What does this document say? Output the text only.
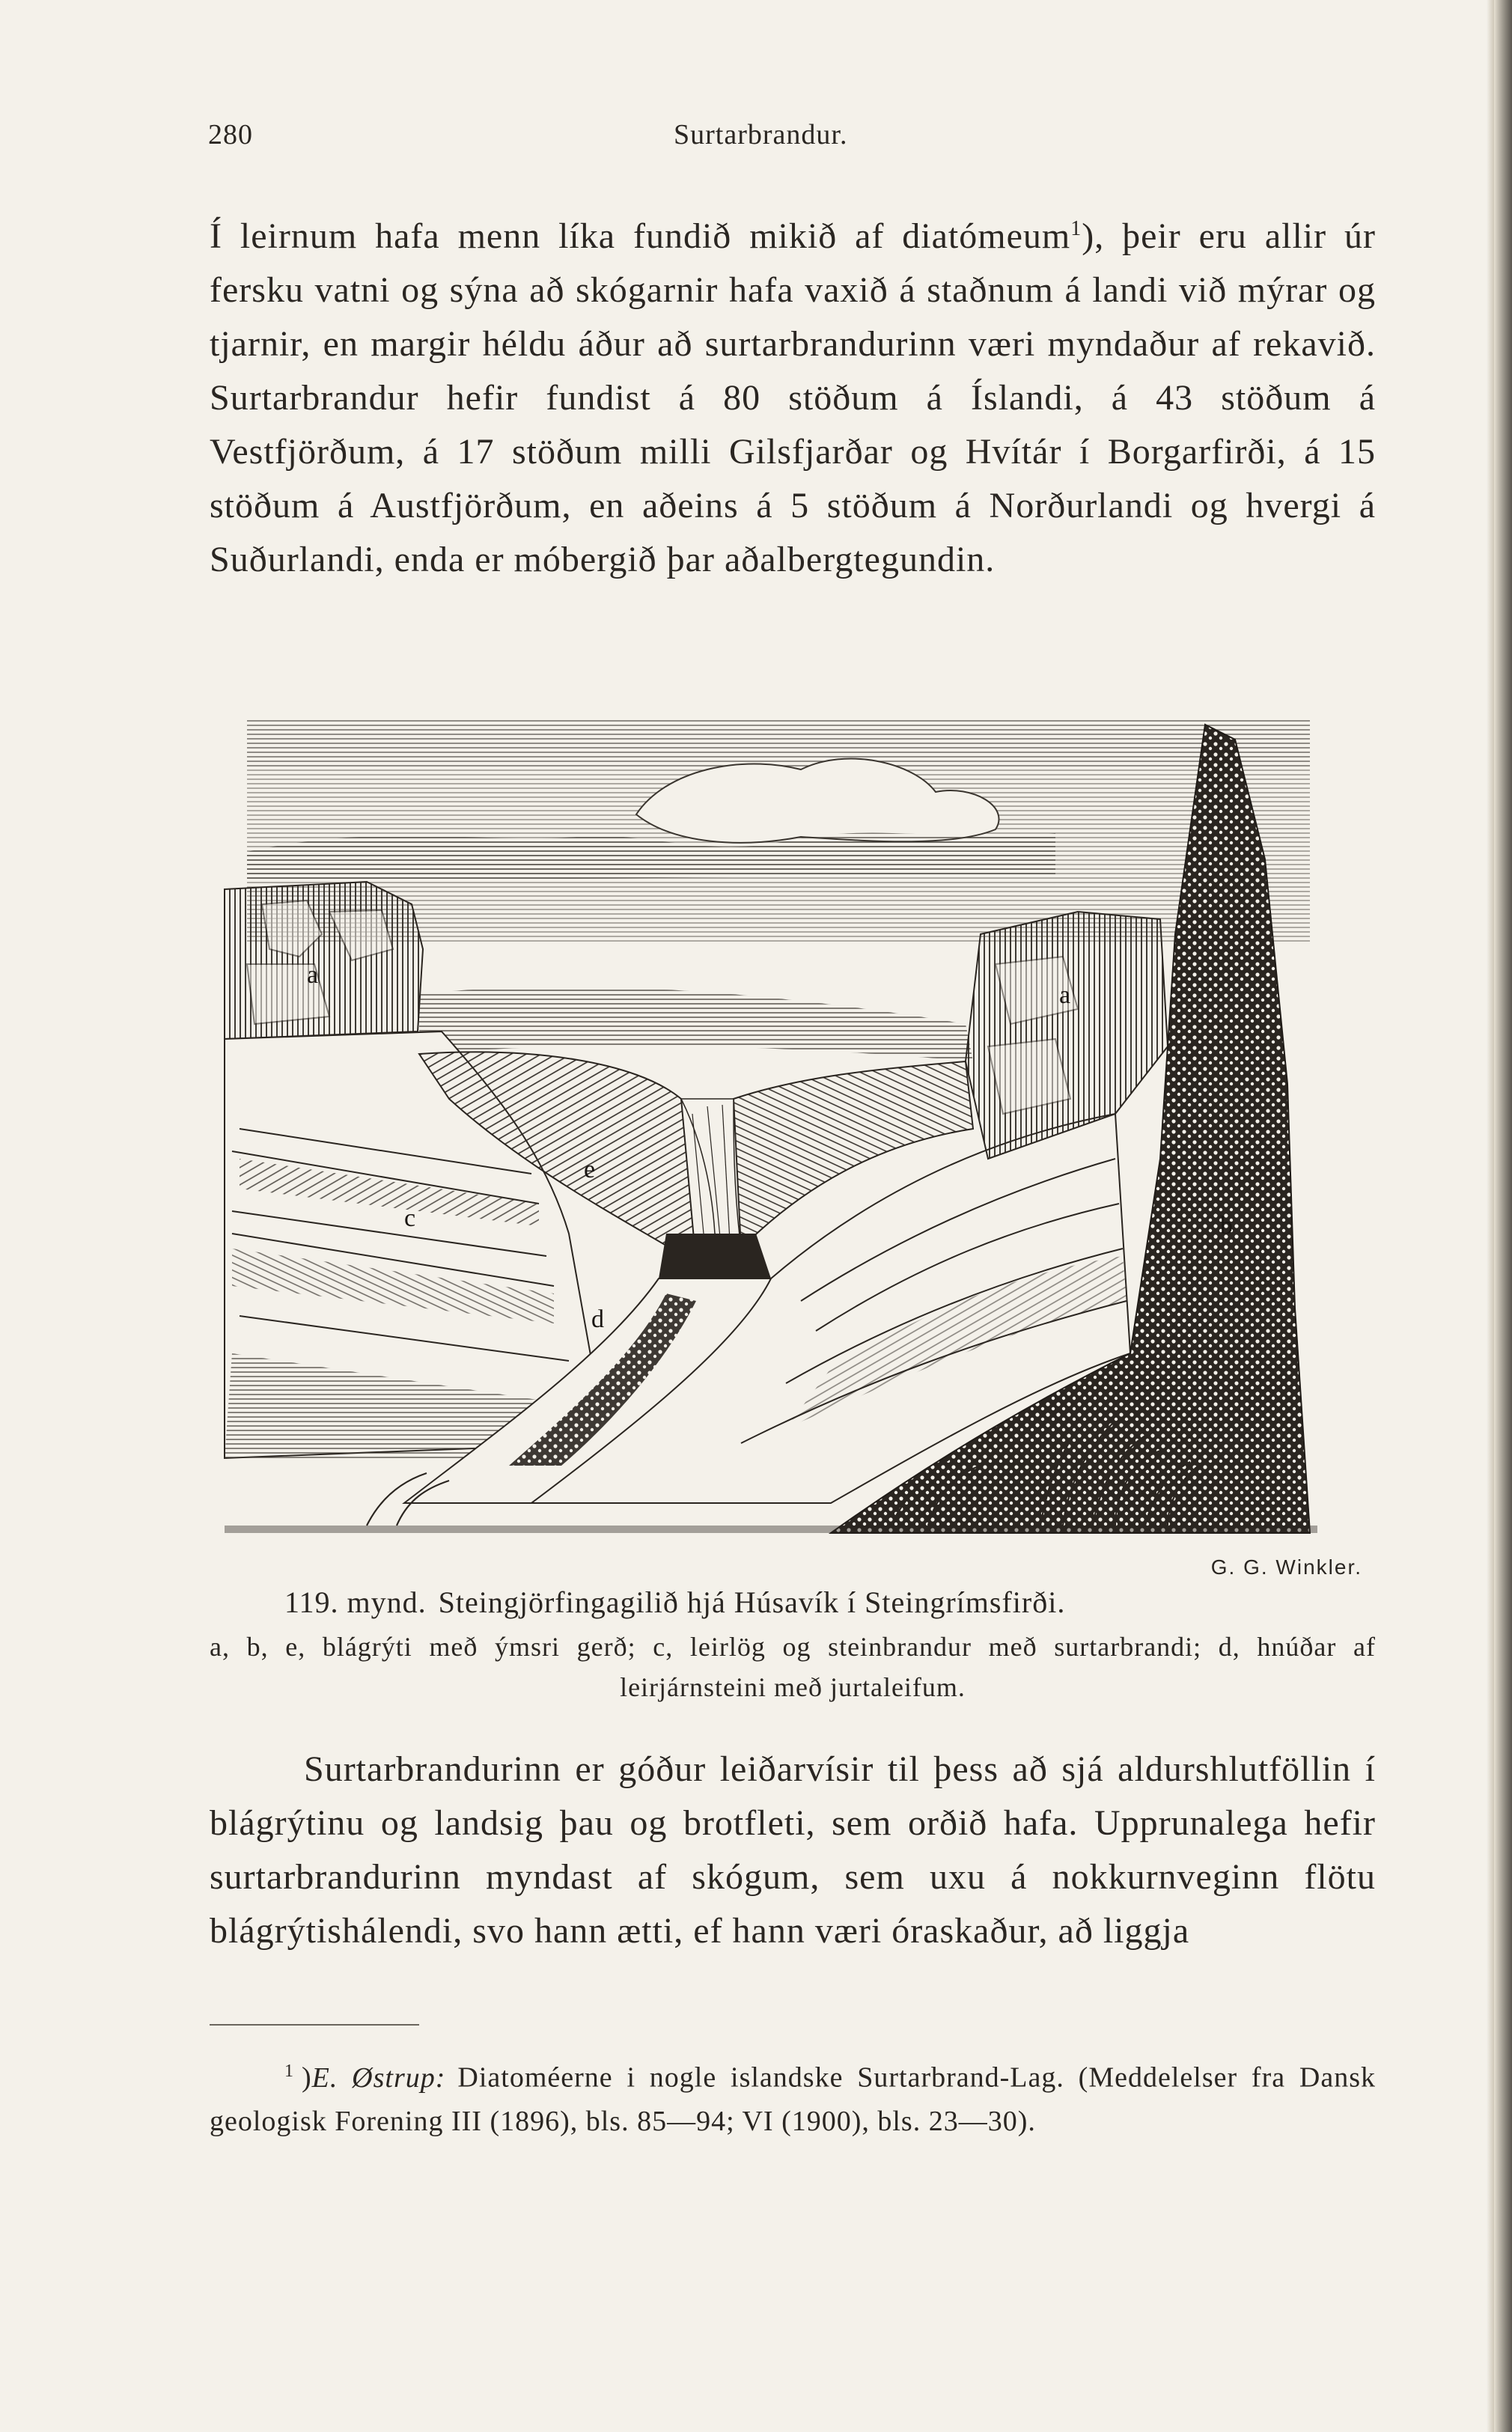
280	Surtarbrandur.
Í leirnum hafa menn líka fundið mikið af diatómeum$^1$), þeir eru allir úr fersku vatni og sýna að skógarnir hafa vaxið á staðnum á landi við mýrar og tjarnir, en margir héldu áður að surtarbrandurinn væri myndaður af rekavið. Surtarbrandur hefir fundist á 80 stöðum á Íslandi, á 43 stöðum á Vestfjörðum, á 17 stöðum milli Gilsfjarðar og Hvítár í Borgarfirði, á 15 stöðum á Austfjörðum, en aðeins á 5 stöðum á Norðurlandi og hvergi á Suðurlandi, enda er móbergið þar aðalbergtegundin.
a
a
b
c
d
e
G. G. Winkler.
119. mynd. Steingjörfingagilið hjá Húsavík í Steingrímsfirði.
a, b, e, blágrýti með ýmsri gerð; c, leirlög og steinbrandur með surtarbrandi; d, hnúðar af leirjárnsteini með jurtaleifum.
Surtarbrandurinn er góður leiðarvísir til þess að sjá aldurshlutföllin í blágrýtinu og landsig þau og brotfleti, sem orðið hafa. Upprunalega hefir surtarbrandurinn myndast af skógum, sem uxu á nokkurnveginn flötu blágrýtishálendi, svo hann ætti, ef hann væri óraskaður, að liggja
$^1$ )E. Østrup: Diatoméerne i nogle islandske Surtarbrand-Lag. (Meddelelser fra Dansk geologisk Forening III (1896), bls. 85—94; VI (1900), bls. 23—30).
